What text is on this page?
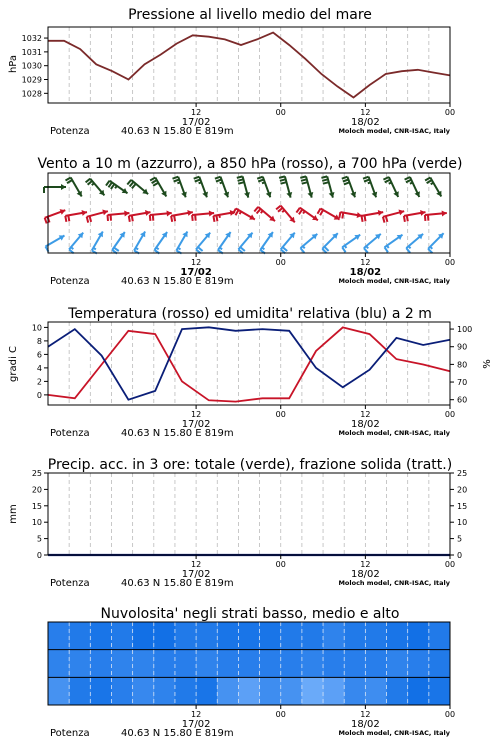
Pressione al livello medio del mare
hPa
1028
1029
1030
1031
1032
12	00	12	00
17/02	18/02
Potenza	40.63 N 15.80 E 819m	Moloch model, CNR-ISAC, Italy
Vento a 10 m (azzurro), a 850 hPa (rosso), a 700 hPa (verde)
12	00	12	00
17/02	18/02
Potenza	40.63 N 15.80 E 819m	Moloch model, CNR-ISAC, Italy
Temperatura (rosso) ed umidita' relativa (blu) a 2 m
gradi C	%
0
2
4
6
8
10
60
70
80
90
100
12	00	12	00
17/02	18/02
Potenza	40.63 N 15.80 E 819m	Moloch model, CNR-ISAC, Italy
Precip. acc. in 3 ore: totale (verde), frazione solida (tratt.)
mm
0
5
10
15
20
25
0
5
10
15
20
25
12	00	12	00
17/02	18/02
Potenza	40.63 N 15.80 E 819m	Moloch model, CNR-ISAC, Italy
Nuvolosita' negli strati basso, medio e alto
12	00	12	00
17/02	18/02
Potenza	40.63 N 15.80 E 819m	Moloch model, CNR-ISAC, Italy
